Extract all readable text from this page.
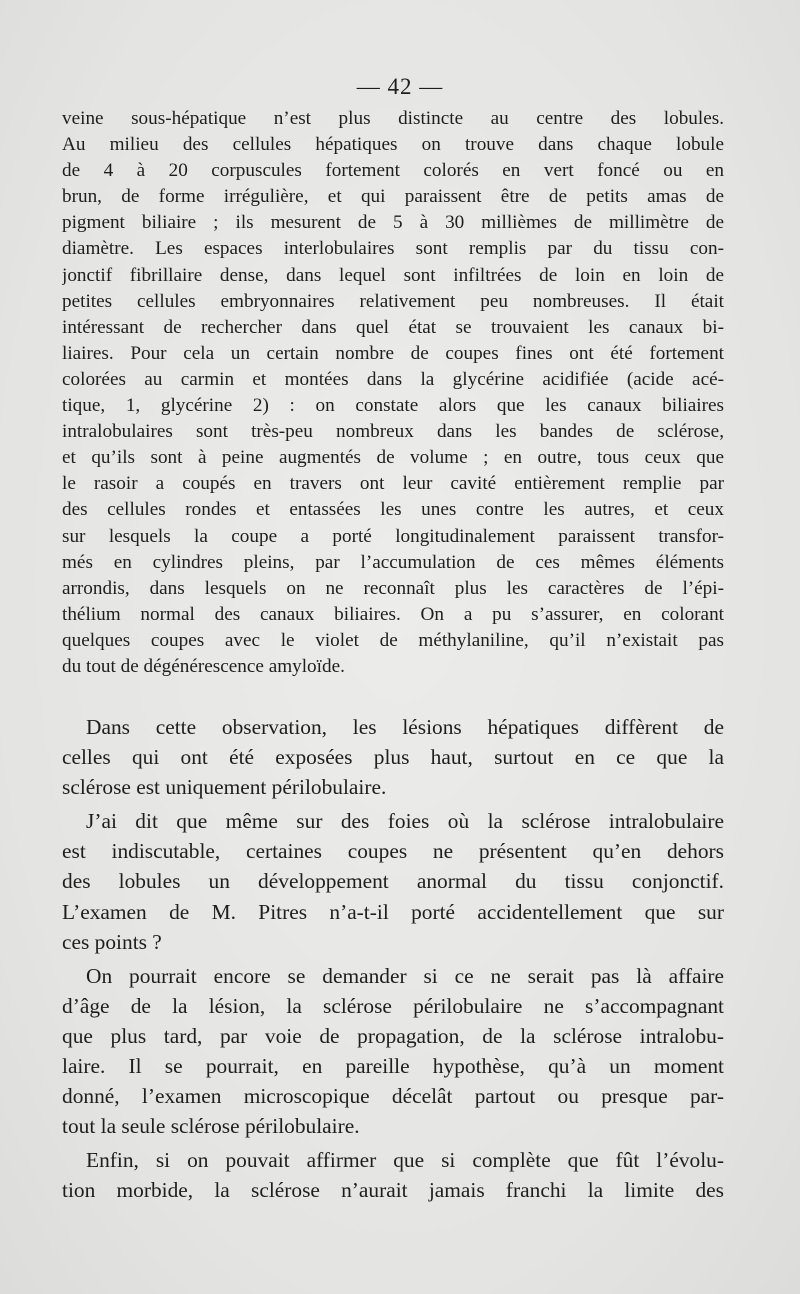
— 42 —
veine sous-hépatique n’est plus distincte au centre des lobules.
Au milieu des cellules hépatiques on trouve dans chaque lobule
de 4 à 20 corpuscules fortement colorés en vert foncé ou en
brun, de forme irrégulière, et qui paraissent être de petits amas de
pigment biliaire ; ils mesurent de 5 à 30 millièmes de millimètre de
diamètre. Les espaces interlobulaires sont remplis par du tissu con-
jonctif fibrillaire dense, dans lequel sont infiltrées de loin en loin de
petites cellules embryonnaires relativement peu nombreuses. Il était
intéressant de rechercher dans quel état se trouvaient les canaux bi-
liaires. Pour cela un certain nombre de coupes fines ont été fortement
colorées au carmin et montées dans la glycérine acidifiée (acide acé-
tique, 1, glycérine 2) : on constate alors que les canaux biliaires
intralobulaires sont très-peu nombreux dans les bandes de sclérose,
et qu’ils sont à peine augmentés de volume ; en outre, tous ceux que
le rasoir a coupés en travers ont leur cavité entièrement remplie par
des cellules rondes et entassées les unes contre les autres, et ceux
sur lesquels la coupe a porté longitudinalement paraissent transfor-
més en cylindres pleins, par l’accumulation de ces mêmes éléments
arrondis, dans lesquels on ne reconnaît plus les caractères de l’épi-
thélium normal des canaux biliaires. On a pu s’assurer, en colorant
quelques coupes avec le violet de méthylaniline, qu’il n’existait pas
du tout de dégénérescence amyloïde.
Dans cette observation, les lésions hépatiques diffèrent de
celles qui ont été exposées plus haut, surtout en ce que la
sclérose est uniquement périlobulaire.
J’ai dit que même sur des foies où la sclérose intralobulaire
est indiscutable, certaines coupes ne présentent qu’en dehors
des lobules un développement anormal du tissu conjonctif.
L’examen de M. Pitres n’a-t-il porté accidentellement que sur
ces points ?
On pourrait encore se demander si ce ne serait pas là affaire
d’âge de la lésion, la sclérose périlobulaire ne s’accompagnant
que plus tard, par voie de propagation, de la sclérose intralobu-
laire. Il se pourrait, en pareille hypothèse, qu’à un moment
donné, l’examen microscopique décelât partout ou presque par-
tout la seule sclérose périlobulaire.
Enfin, si on pouvait affirmer que si complète que fût l’évolu-
tion morbide, la sclérose n’aurait jamais franchi la limite des
